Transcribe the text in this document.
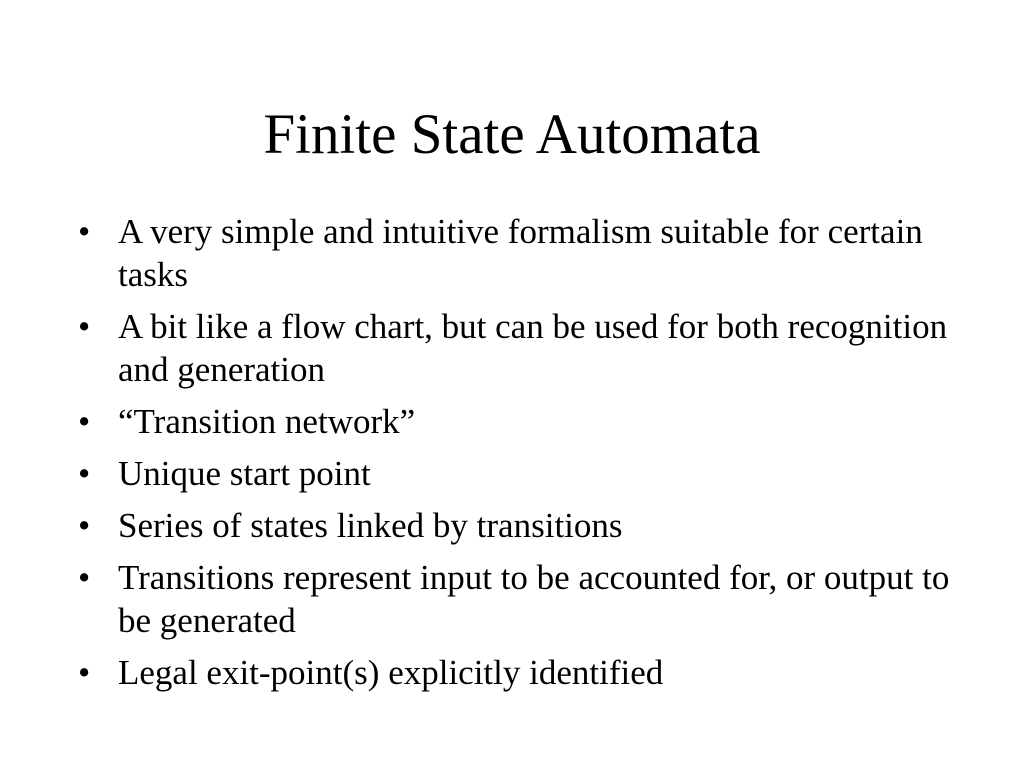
Finite State Automata
• A very simple and intuitive formalism suitable for certain tasks
• A bit like a flow chart, but can be used for both recognition and generation
• “Transition network”
• Unique start point
• Series of states linked by transitions
• Transitions represent input to be accounted for, or output to be generated
• Legal exit-point(s) explicitly identified
